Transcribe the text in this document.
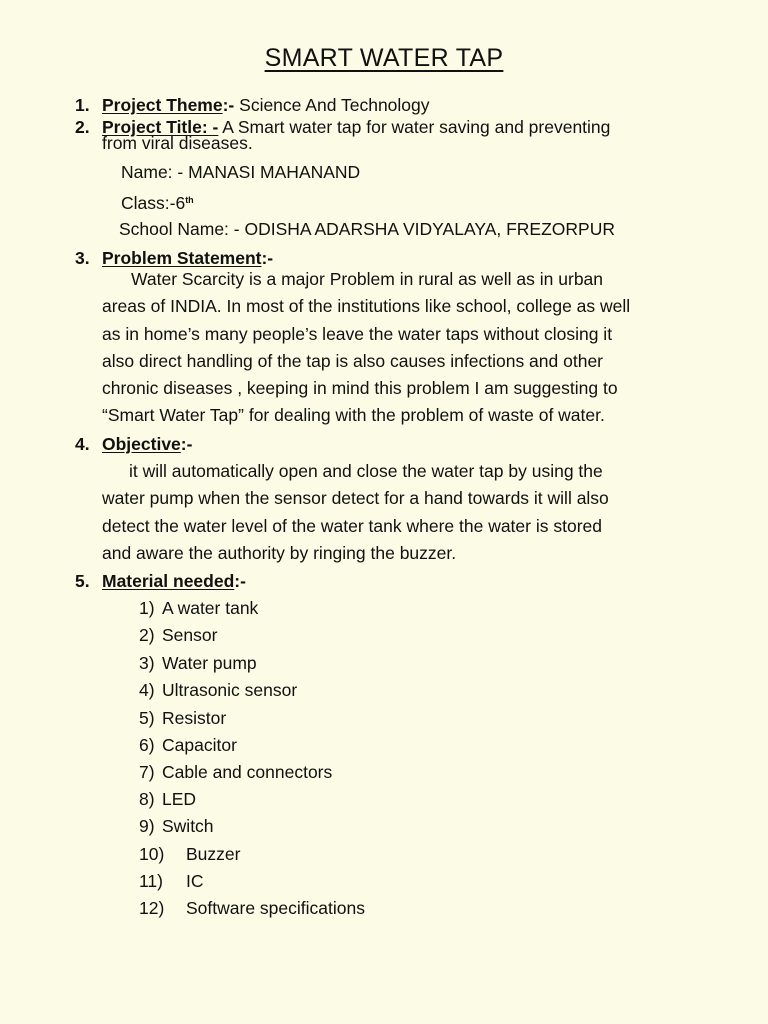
SMART WATER TAP
1. Project Theme:- Science And Technology
2. Project Title: - A Smart water tap for water saving and preventing
from viral diseases.
Name: - MANASI MAHANAND
Class:-6th
School Name: - ODISHA ADARSHA VIDYALAYA, FREZORPUR
3. Problem Statement:-

Water Scarcity is a major Problem in rural as well as in urban

areas of INDIA. In most of the institutions like school, college as well

as in home’s many people’s leave the water taps without closing it

also direct handling of the tap is also causes infections and other

chronic diseases , keeping in mind this problem I am suggesting to

“Smart Water Tap” for dealing with the problem of waste of water.

4. Objective:-

it will automatically open and close the water tap by using the

water pump when the sensor detect for a hand towards it will also

detect the water level of the water tank where the water is stored

and aware the authority by ringing the buzzer.

5. Material needed:-
1) A water tank
2) Sensor
3) Water pump
4) Ultrasonic sensor
5) Resistor
6) Capacitor
7) Cable and connectors
8) LED
9) Switch
10) Buzzer
11) IC
12) Software specifications
